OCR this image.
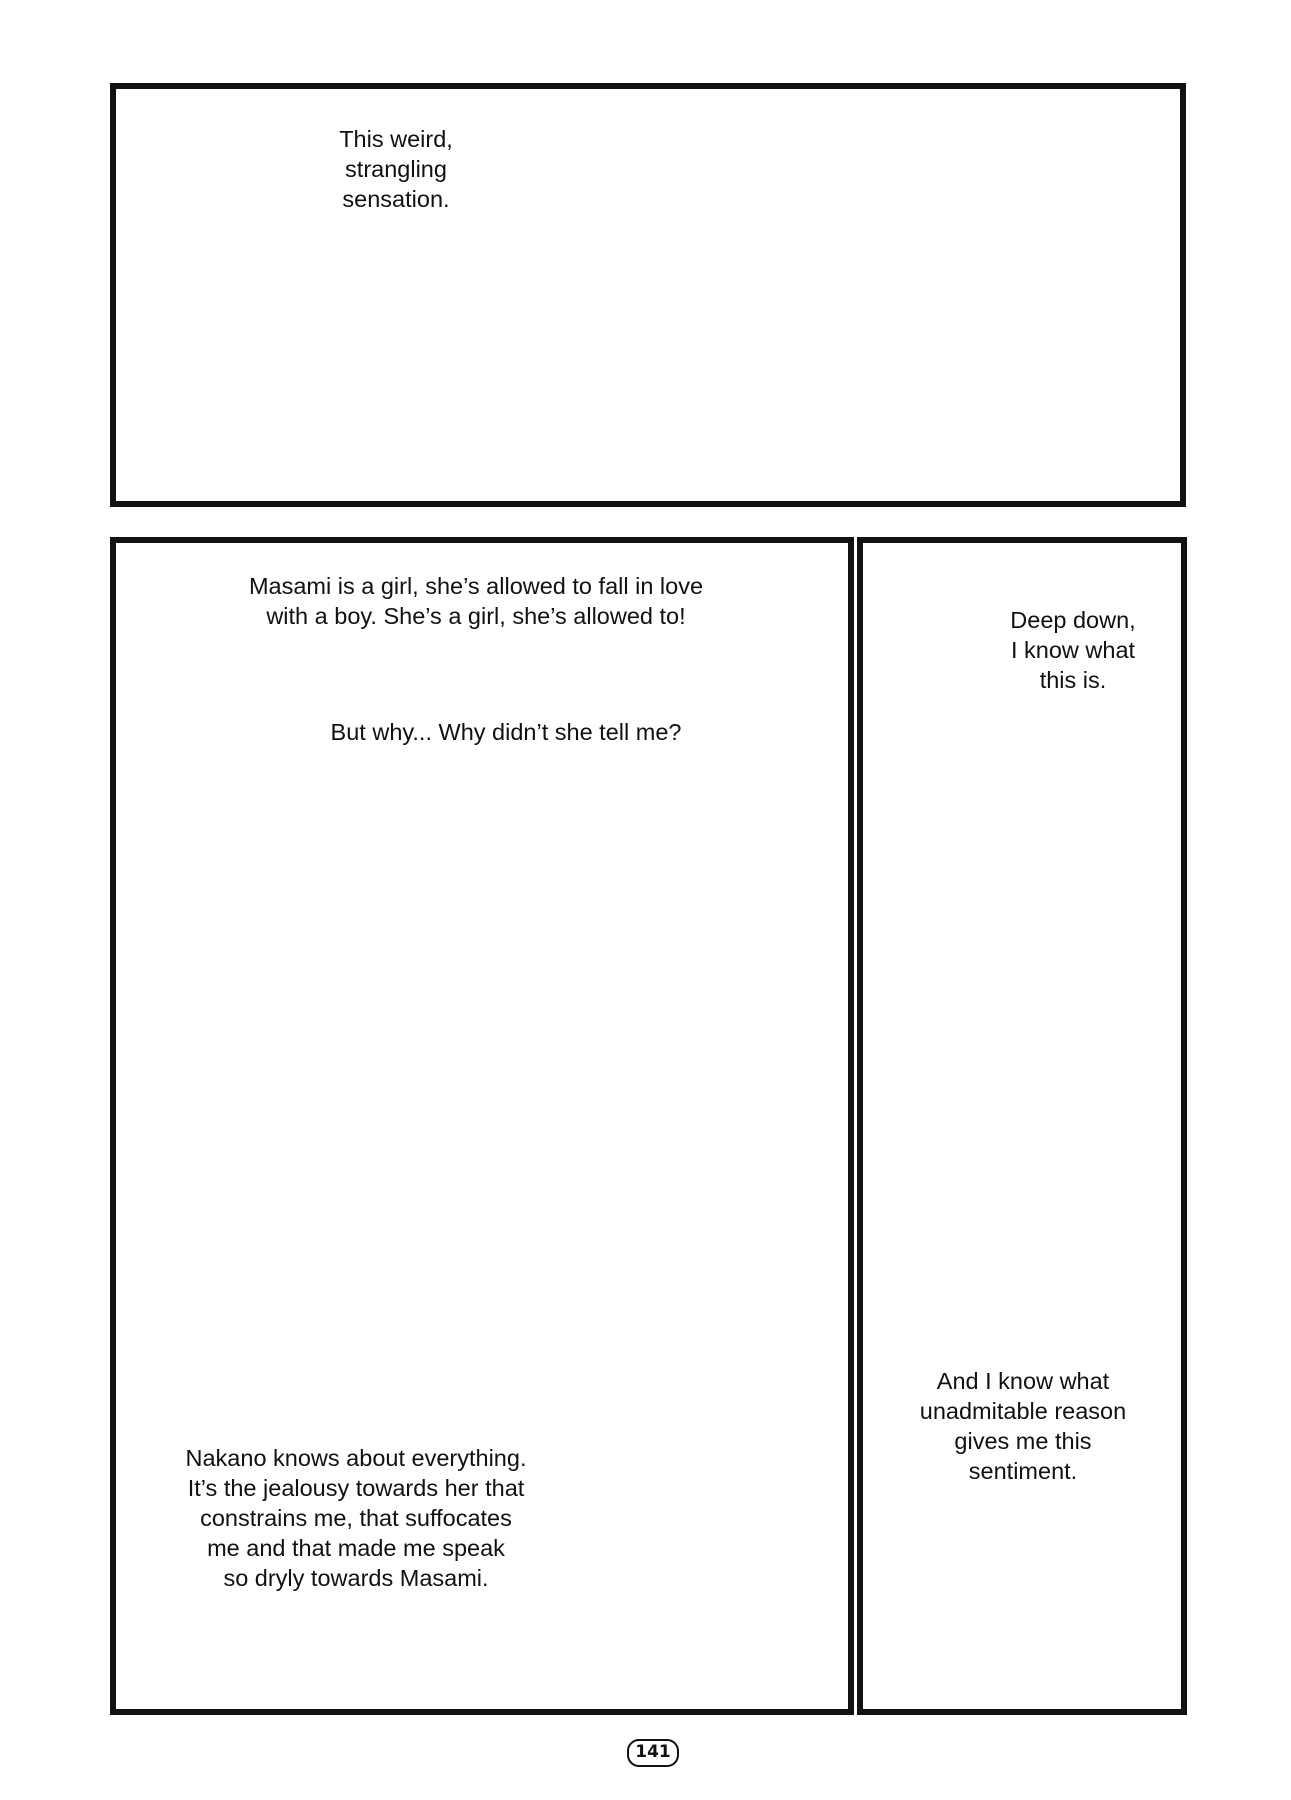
This weird,
strangling
sensation.

Masami is a girl, she’s allowed to fall in love
with a boy. She’s a girl, she’s allowed to!

But why... Why didn’t she tell me?

Nakano knows about everything.
It’s the jealousy towards her that
constrains me, that suffocates
me and that made me speak
so dryly towards Masami.

Deep down,
I know what
this is.

And I know what
unadmitable reason
gives me this
sentiment.

141
